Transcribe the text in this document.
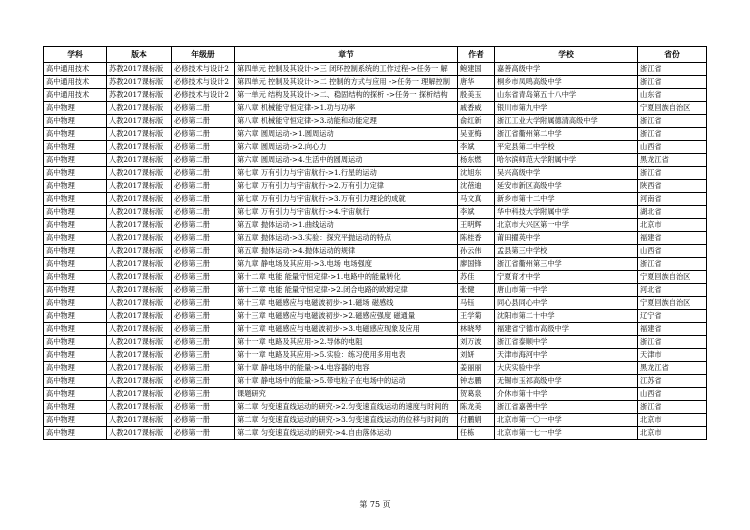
学科	版本	年级册	章节	作者	学校	省份
高中通用技术	苏教2017课标版	必修技术与设计2	第四单元 控制及其设计->三 闭环控制系统的工作过程->任务一 解	鲍建国	嘉善高级中学	浙江省
高中通用技术	苏教2017课标版	必修技术与设计2	第四单元 控制及其设计->二 控制的方式与应用 ->任务一 理解控制	唐华	桐乡市凤鸣高级中学	浙江省
高中通用技术	苏教2017课标版	必修技术与设计2	第一单元 结构及其设计->二、稳固结构的探析 ->任务一 探析结构	殷美玉	山东省青岛第五十八中学	山东省
高中物理	人教2017课标版	必修第二册	第八章 机械能守恒定律->1.功与功率	戚香威	银川市第九中学	宁夏回族自治区
高中物理	人教2017课标版	必修第二册	第八章 机械能守恒定律->3.动能和动能定理	俞红新	浙江工业大学附属德清高级中学	浙江省
高中物理	人教2017课标版	必修第二册	第六章 圆周运动->1.圆周运动	吴亚梅	浙江省衢州第二中学	浙江省
高中物理	人教2017课标版	必修第二册	第六章 圆周运动->2.向心力	李斌	平定县第二中学校	山西省
高中物理	人教2017课标版	必修第二册	第六章 圆周运动->4.生活中的圆周运动	杨东燃	哈尔滨师范大学附属中学	黑龙江省
高中物理	人教2017课标版	必修第二册	第七章 万有引力与宇宙航行->1.行星的运动	沈旭东	吴兴高级中学	浙江省
高中物理	人教2017课标版	必修第二册	第七章 万有引力与宇宙航行->2.万有引力定律	沈蓓迪	延安市新区高级中学	陕西省
高中物理	人教2017课标版	必修第二册	第七章 万有引力与宇宙航行->3.万有引力理论的成就	马文真	新乡市第十二中学	河南省
高中物理	人教2017课标版	必修第二册	第七章 万有引力与宇宙航行->4.宇宙航行	李斌	华中科技大学附属中学	湖北省
高中物理	人教2017课标版	必修第二册	第五章 抛体运动->1.曲线运动	王明辉	北京市大兴区第一中学	北京市
高中物理	人教2017课标版	必修第二册	第五章 抛体运动->3.实验：探究平抛运动的特点	陈桂香	莆田擢英中学	福建省
高中物理	人教2017课标版	必修第二册	第五章 抛体运动->4.抛体运动的规律	孙云伟	孟县第三中学校	山西省
高中物理	人教2017课标版	必修第三册	第九章 静电场及其应用->3.电场 电场强度	廖国锋	浙江省衢州第三中学	浙江省
高中物理	人教2017课标版	必修第三册	第十二章 电能 能量守恒定律->1.电路中的能量转化	苏佳	宁夏育才中学	宁夏回族自治区
高中物理	人教2017课标版	必修第三册	第十二章 电能 能量守恒定律->2.闭合电路的欧姆定律	张健	唐山市第一中学	河北省
高中物理	人教2017课标版	必修第三册	第十三章 电磁感应与电磁波初步->1.磁场 磁感线	马钰	同心县同心中学	宁夏回族自治区
高中物理	人教2017课标版	必修第三册	第十三章 电磁感应与电磁波初步->2.磁感应强度 磁通量	王学菊	沈阳市第二十中学	辽宁省
高中物理	人教2017课标版	必修第三册	第十三章 电磁感应与电磁波初步->3.电磁感应现象及应用	林晓琴	福建省宁德市高级中学	福建省
高中物理	人教2017课标版	必修第三册	第十一章 电路及其应用->2.导体的电阻	刘万波	浙江省泰顺中学	浙江省
高中物理	人教2017课标版	必修第三册	第十一章 电路及其应用->5.实验：练习使用多用电表	刘妍	天津市海河中学	天津市
高中物理	人教2017课标版	必修第三册	第十章 静电场中的能量->4.电容器的电容	姜丽丽	大庆实验中学	黑龙江省
高中物理	人教2017课标版	必修第三册	第十章 静电场中的能量->5.带电粒子在电场中的运动	钟志鹏	无锡市玉祁高级中学	江苏省
高中物理	人教2017课标版	必修第三册	课题研究	贺葛泉	介休市第十中学	山西省
高中物理	人教2017课标版	必修第一册	第二章 匀变速直线运动的研究->2.匀变速直线运动的速度与时间的	陈龙美	浙江省嘉善中学	浙江省
高中物理	人教2017课标版	必修第一册	第二章 匀变速直线运动的研究->3.匀变速直线运动的位移与时间的	付鹏娟	北京市第一〇一中学	北京市
高中物理	人教2017课标版	必修第一册	第二章 匀变速直线运动的研究->4.自由落体运动	任栋	北京市第一七一中学	北京市
第 75 页
